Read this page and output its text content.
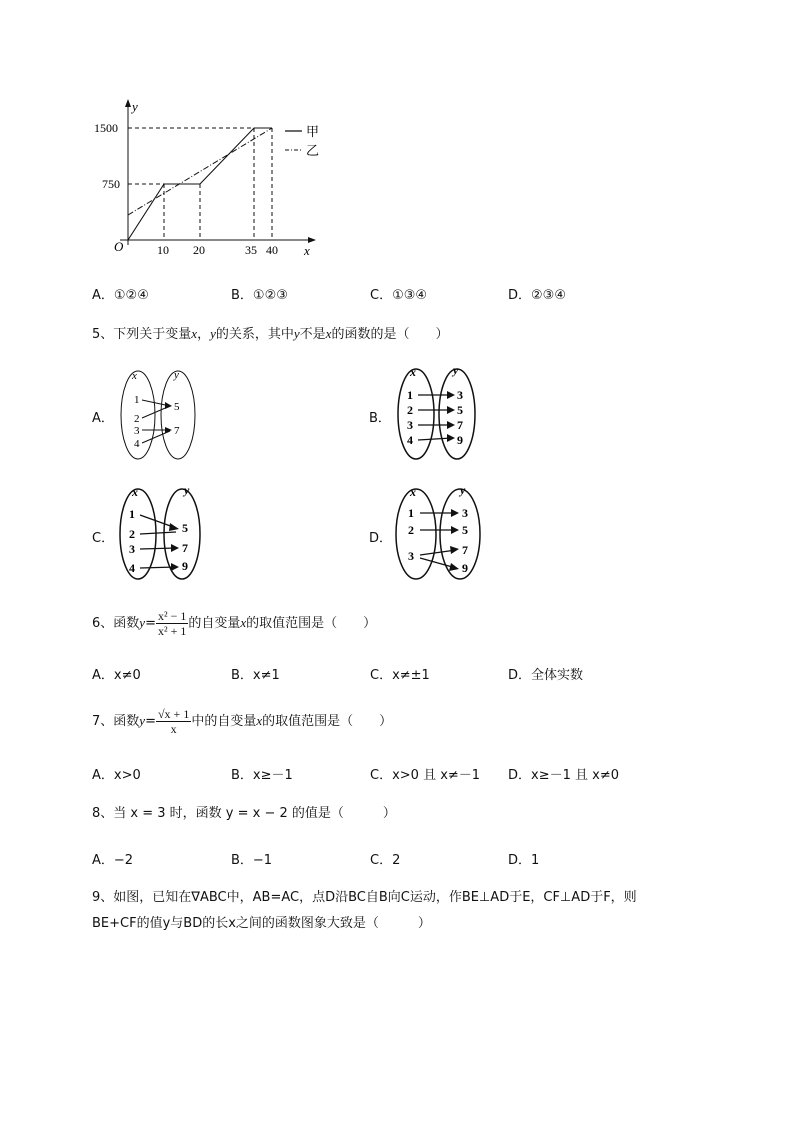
甲
乙
y
x
O
1500
750
10 20	35 40
A．①②④	B．①②③	C．①③④	D．②③④
5、下列关于变量x，y的关系，其中y不是x的函数的是（　　）
A．
x	y
1
2
3
4
5
7
B．
x	y
1
2
3
4
3
5
7
9
C．
x	y
1
2
3
4
5
7
9
D．
x	y
1
2
3
3
5
7
9
6、函数$y= \frac{\text{x² − 1}}{\text{x² + 1}}$ 的自变量x的取值范围是（　　）
A．x≠0	B．x≠1	C．x≠±1	D．全体实数
7、函数$y= \frac{√x + 1}{x}$ 中的自变量x的取值范围是（　　）
A．x>0	B．x≥－1	C．x>0 且 x≠－1 D．x≥－1 且 x≠0
8、当 x = 3 时，函数 y = x − 2 的值是（　　　）
A．−2	B．−1	C．2	D．1
9、如图，已知在∇ABC中，AB=AC，点D沿BC自B向C运动，作BE⊥AD于E，CF⊥AD于F，则
BE+CF的值y与BD的长x之间的函数图象大致是（　　　）
